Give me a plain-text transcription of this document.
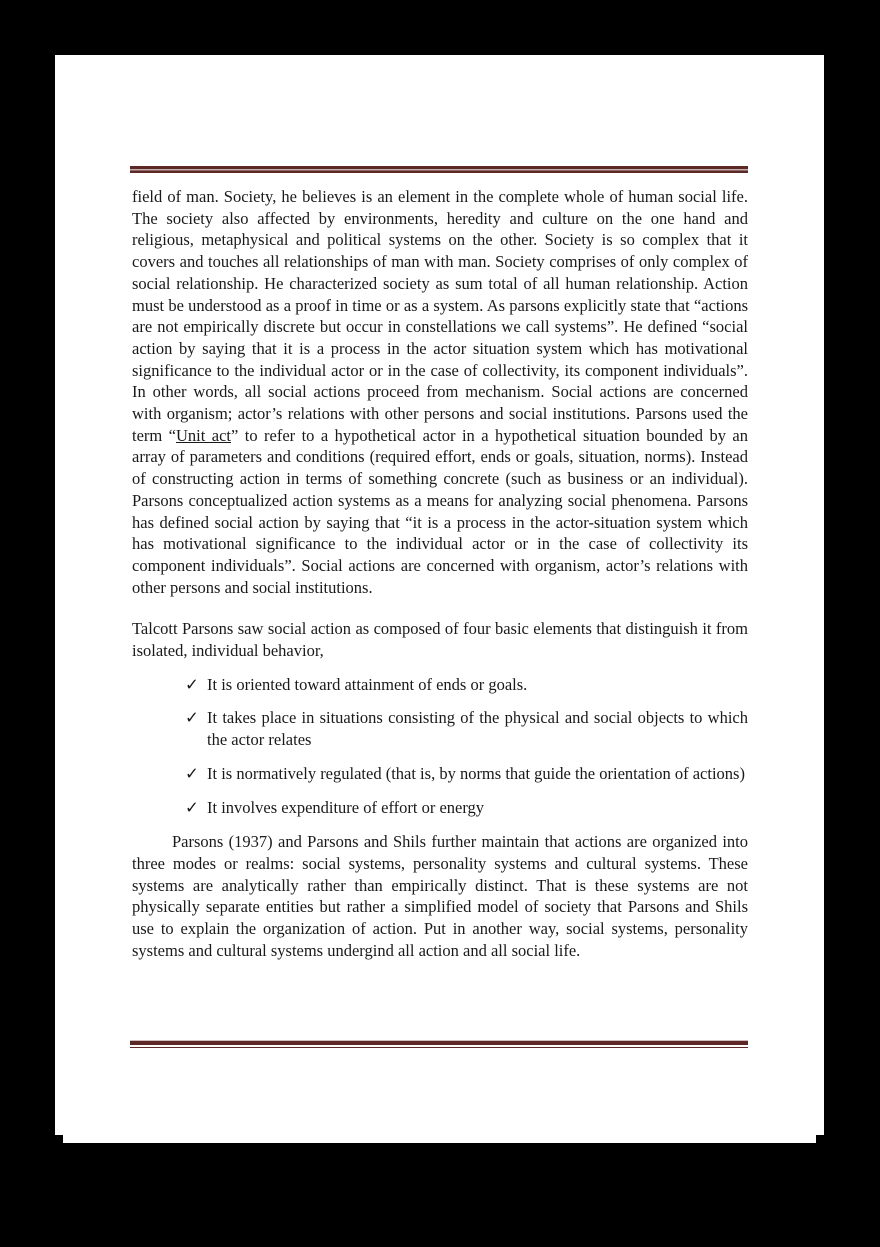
field of man. Society, he believes is an element in the complete whole of human social life. The society also affected by environments, heredity and culture on the one hand and religious, metaphysical and political systems on the other. Society is so complex that it covers and touches all relationships of man with man. Society comprises of only complex of social relationship. He characterized society as sum total of all human relationship. Action must be understood as a proof in time or as a system. As parsons explicitly state that “actions are not empirically discrete but occur in constellations we call systems”. He defined “social action by saying that it is a process in the actor situation system which has motivational significance to the individual actor or in the case of collectivity, its component individuals”. In other words, all social actions proceed from mechanism. Social actions are concerned with organism; actor’s relations with other persons and social institutions. Parsons used the term “Unit act” to refer to a hypothetical actor in a hypothetical situation bounded by an array of parameters and conditions (required effort, ends or goals, situation, norms). Instead of constructing action in terms of something concrete (such as business or an individual). Parsons conceptualized action systems as a means for analyzing social phenomena. Parsons has defined social action by saying that “it is a process in the actor-situation system which has motivational significance to the individual actor or in the case of collectivity its component individuals”. Social actions are concerned with organism, actor’s relations with other persons and social institutions.

Talcott Parsons saw social action as composed of four basic elements that distinguish it from isolated, individual behavior,

✓ It is oriented toward attainment of ends or goals.
✓ It takes place in situations consisting of the physical and social objects to which the actor relates
✓ It is normatively regulated (that is, by norms that guide the orientation of actions)
✓ It involves expenditure of effort or energy

Parsons (1937) and Parsons and Shils further maintain that actions are organized into three modes or realms: social systems, personality systems and cultural systems. These systems are analytically rather than empirically distinct. That is these systems are not physically separate entities but rather a simplified model of society that Parsons and Shils use to explain the organization of action. Put in another way, social systems, personality systems and cultural systems undergind all action and all social life.
